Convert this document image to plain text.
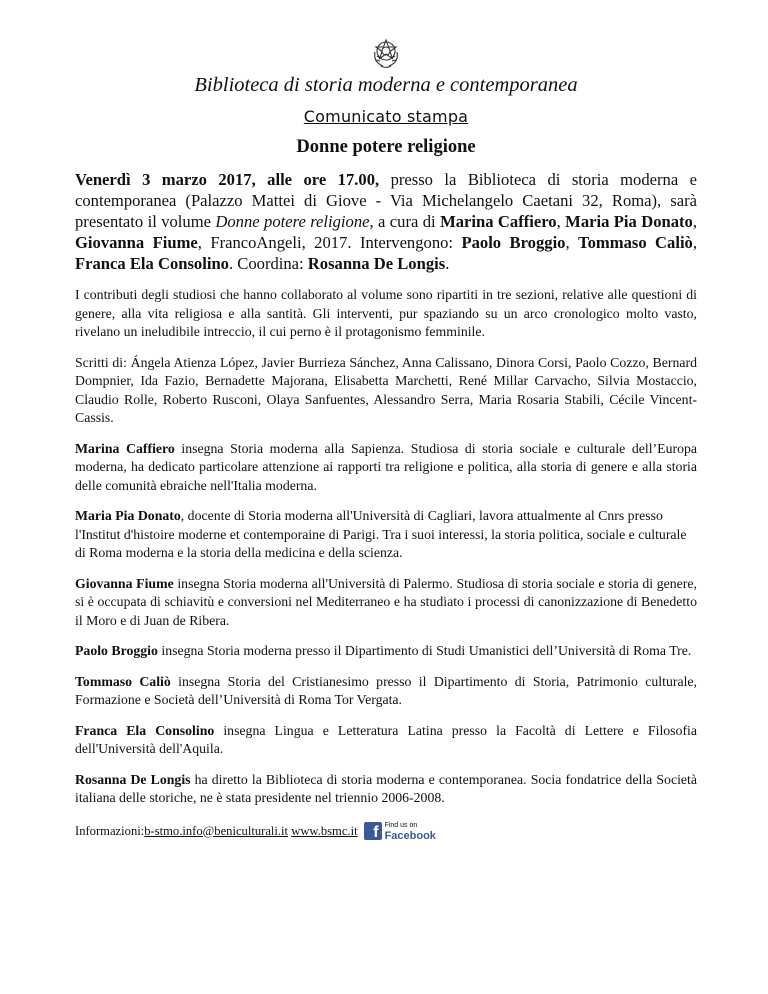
Biblioteca di storia moderna e contemporanea
Comunicato stampa
Donne potere religione
Venerdì 3 marzo 2017, alle ore 17.00, presso la Biblioteca di storia moderna e contemporanea (Palazzo Mattei di Giove - Via Michelangelo Caetani 32, Roma), sarà presentato il volume Donne potere religione, a cura di Marina Caffiero, Maria Pia Donato, Giovanna Fiume, FrancoAngeli, 2017. Intervengono: Paolo Broggio, Tommaso Caliò, Franca Ela Consolino. Coordina: Rosanna De Longis.
I contributi degli studiosi che hanno collaborato al volume sono ripartiti in tre sezioni, relative alle questioni di genere, alla vita religiosa e alla santità. Gli interventi, pur spaziando su un arco cronologico molto vasto, rivelano un ineludibile intreccio, il cui perno è il protagonismo femminile.
Scritti di: Ángela Atienza López, Javier Burrieza Sánchez, Anna Calissano, Dinora Corsi, Paolo Cozzo, Bernard Dompnier, Ida Fazio, Bernadette Majorana, Elisabetta Marchetti, René Millar Carvacho, Silvia Mostaccio, Claudio Rolle, Roberto Rusconi, Olaya Sanfuentes, Alessandro Serra, Maria Rosaria Stabili, Cécile Vincent-Cassis.
Marina Caffiero insegna Storia moderna alla Sapienza. Studiosa di storia sociale e culturale dell’Europa moderna, ha dedicato particolare attenzione ai rapporti tra religione e politica, alla storia di genere e alla storia delle comunità ebraiche nell'Italia moderna.
Maria Pia Donato, docente di Storia moderna all'Università di Cagliari, lavora attualmente al Cnrs presso l'Institut d'histoire moderne et contemporaine di Parigi. Tra i suoi interessi, la storia politica, sociale e culturale di Roma moderna e la storia della medicina e della scienza.
Giovanna Fiume insegna Storia moderna all'Università di Palermo. Studiosa di storia sociale e storia di genere, si è occupata di schiavitù e conversioni nel Mediterraneo e ha studiato i processi di canonizzazione di Benedetto il Moro e di Juan de Ribera.
Paolo Broggio insegna Storia moderna presso il Dipartimento di Studi Umanistici dell’Università di Roma Tre.
Tommaso Caliò insegna Storia del Cristianesimo presso il Dipartimento di Storia, Patrimonio culturale, Formazione e Società dell’Università di Roma Tor Vergata.
Franca Ela Consolino insegna Lingua e Letteratura Latina presso la Facoltà di Lettere e Filosofia dell'Università dell'Aquila.
Rosanna De Longis ha diretto la Biblioteca di storia moderna e contemporanea. Socia fondatrice della Società italiana delle storiche, ne è stata presidente nel triennio 2006-2008.
Informazioni: b-stmo.info@beniculturali.it
www.bsmc.it f Find us on
Facebook
